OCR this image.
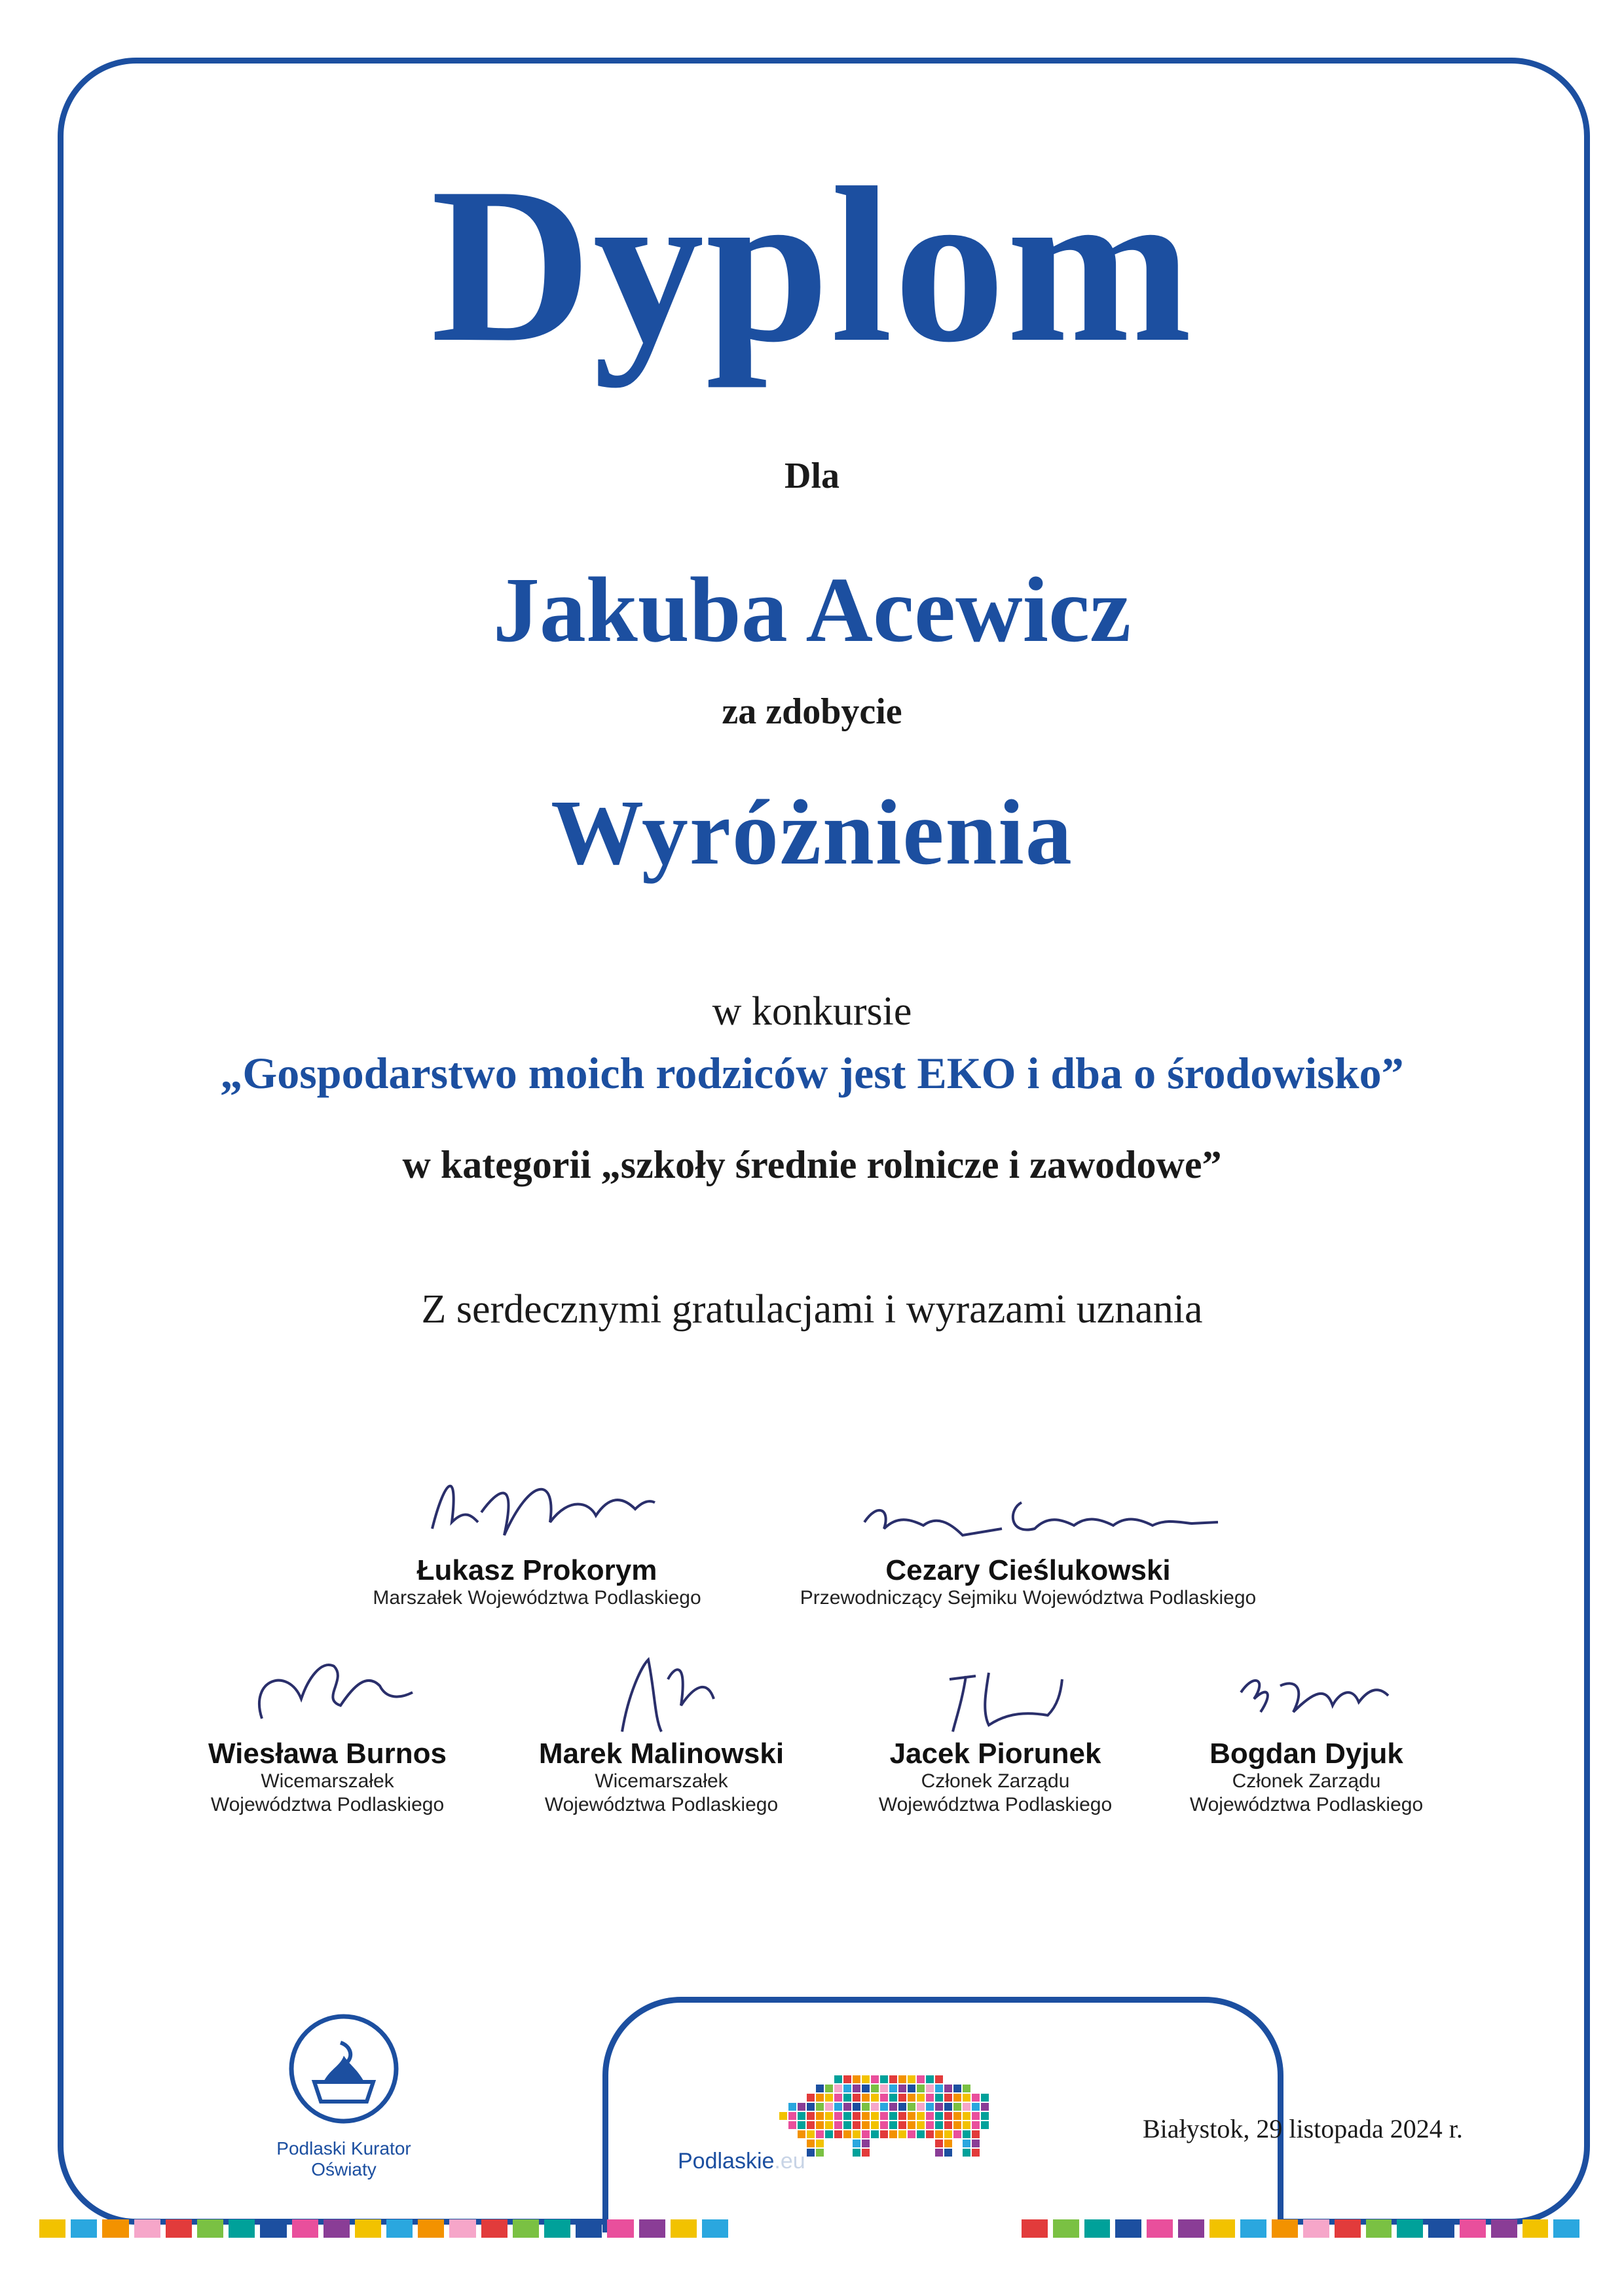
Dyplom
Dla
Jakuba Acewicz
za zdobycie
Wyróżnienia
w konkursie
„Gospodarstwo moich rodziców jest EKO i dba o środowisko”
w kategorii „szkoły średnie rolnicze i zawodowe”
Z serdecznymi gratulacjami i wyrazami uznania
Łukasz Prokorym
Marszałek Województwa Podlaskiego
Cezary Cieślukowski
Przewodniczący Sejmiku Województwa Podlaskiego
Wiesława Burnos
Wicemarszałek
Województwa Podlaskiego
Marek Malinowski
Wicemarszałek
Województwa Podlaskiego
Jacek Piorunek
Członek Zarządu
Województwa Podlaskiego
Bogdan Dyjuk
Członek Zarządu
Województwa Podlaskiego
Podlaski Kurator
Oświaty	Podlaskie.eu
Białystok, 29 listopada 2024 r.
